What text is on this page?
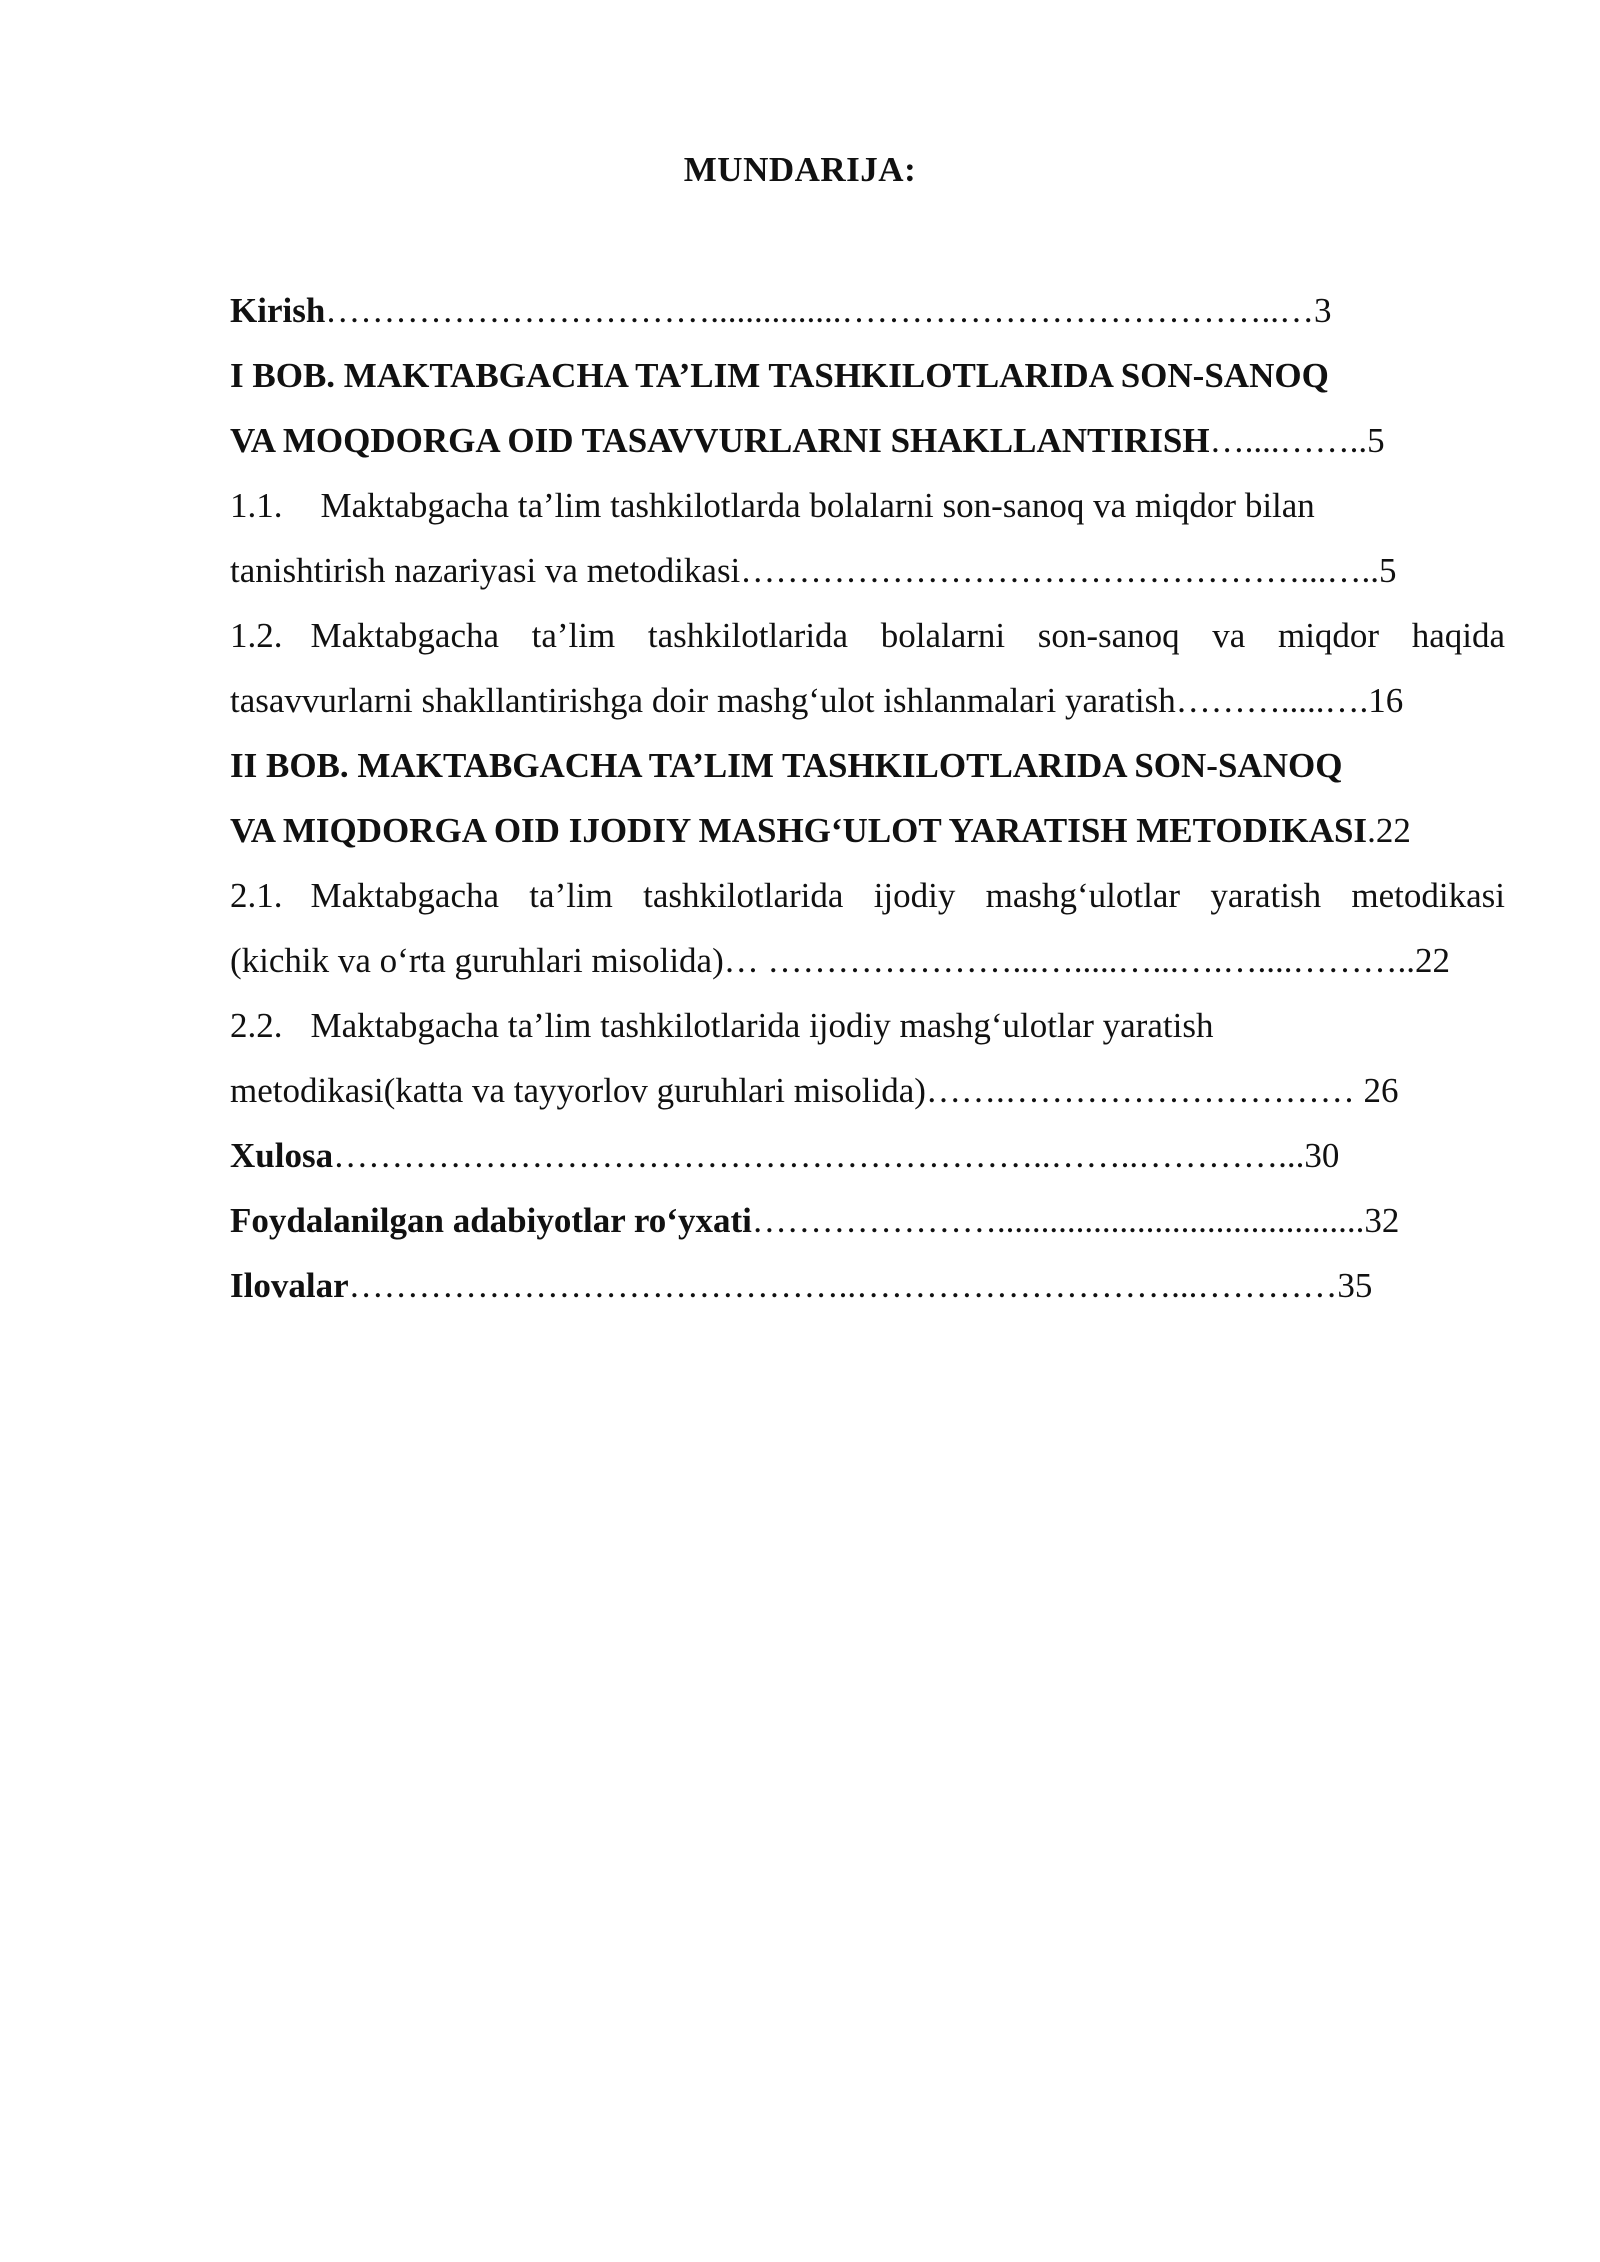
MUNDARIJA:
Kirish……………………………...............………………………………..…3
I BOB. MAKTABGACHA TA’LIM TASHKILOTLARIDA SON-SANOQ
VA MOQDORGA OID TASAVVURLARNI SHAKLLANTIRISH…....……..5
1.1. Maktabgacha ta’lim tashkilotlarda bolalarni son-sanoq va miqdor bilan
tanishtirish nazariyasi va metodikasi…………………………………………...…..5
1.2. Maktabgacha ta’lim tashkilotlarida bolalarni son-sanoq va miqdor haqida
tasavvurlarni shakllantirishga doir mashg‘ulot ishlanmalari yaratish……….....….16
II BOB. MAKTABGACHA TA’LIM TASHKILOTLARIDA SON-SANOQ
VA MIQDORGA OID IJODIY MASHG‘ULOT YARATISH METODIKASI.22
2.1. Maktabgacha ta’lim tashkilotlarida ijodiy mashg‘ulotlar yaratish metodikasi
(kichik va o‘rta guruhlari misolida)… …………………...….....…...….…....………..22
2.2. Maktabgacha ta’lim tashkilotlarida ijodiy mashg‘ulotlar yaratish
metodikasi(katta va tayyorlov guruhlari misolida)…….………………………… 26
Xulosa……………………………………………………..……..…………...30
Foydalanilgan adabiyotlar ro‘yxati…………………..........................................32
Ilovalar……………………………………..………………………...…………35
